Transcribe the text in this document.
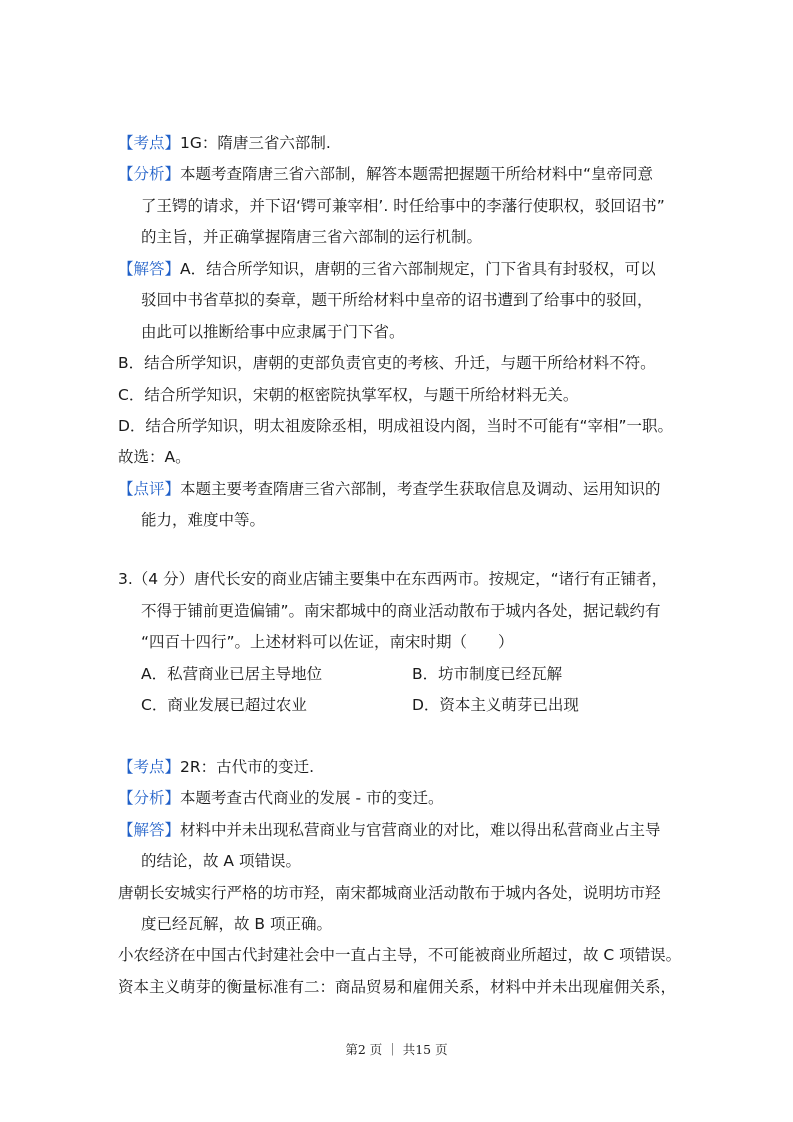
【考点】1G：隋唐三省六部制.
【分析】本题考查隋唐三省六部制，解答本题需把握题干所给材料中“皇帝同意
了王锷的请求，并下诏‘锷可兼宰相’. 时任给事中的李藩行使职权，驳回诏书”
的主旨，并正确掌握隋唐三省六部制的运行机制。
【解答】A．结合所学知识，唐朝的三省六部制规定，门下省具有封驳权，可以
驳回中书省草拟的奏章，题干所给材料中皇帝的诏书遭到了给事中的驳回，
由此可以推断给事中应隶属于门下省。
B．结合所学知识，唐朝的吏部负责官吏的考核、升迁，与题干所给材料不符。
C．结合所学知识，宋朝的枢密院执掌军权，与题干所给材料无关。
D．结合所学知识，明太祖废除丞相，明成祖设内阁，当时不可能有“宰相”一职。
故选：A。
【点评】本题主要考查隋唐三省六部制，考查学生获取信息及调动、运用知识的
能力，难度中等。
3.（4 分）唐代长安的商业店铺主要集中在东西两市。按规定，“诸行有正铺者，
不得于铺前更造偏铺”。南宋都城中的商业活动散布于城内各处，据记载约有
“四百十四行”。上述材料可以佐证，南宋时期（　　）
A．私营商业已居主导地位	B．坊市制度已经瓦解
C．商业发展已超过农业	D．资本主义萌芽已出现
【考点】2R：古代市的变迁.
【分析】本题考查古代商业的发展 - 市的变迁。
【解答】材料中并未出现私营商业与官营商业的对比，难以得出私营商业占主导
的结论，故 A 项错误。
唐朝长安城实行严格的坊市羟，南宋都城商业活动散布于城内各处，说明坊市羟
度已经瓦解，故 B 项正确。
小农经济在中国古代封建社会中一直占主导，不可能被商业所超过，故 C 项错误。
资本主义萌芽的衡量标准有二：商品贸易和雇佣关系，材料中并未出现雇佣关系，
第2 页 ｜ 共15 页
